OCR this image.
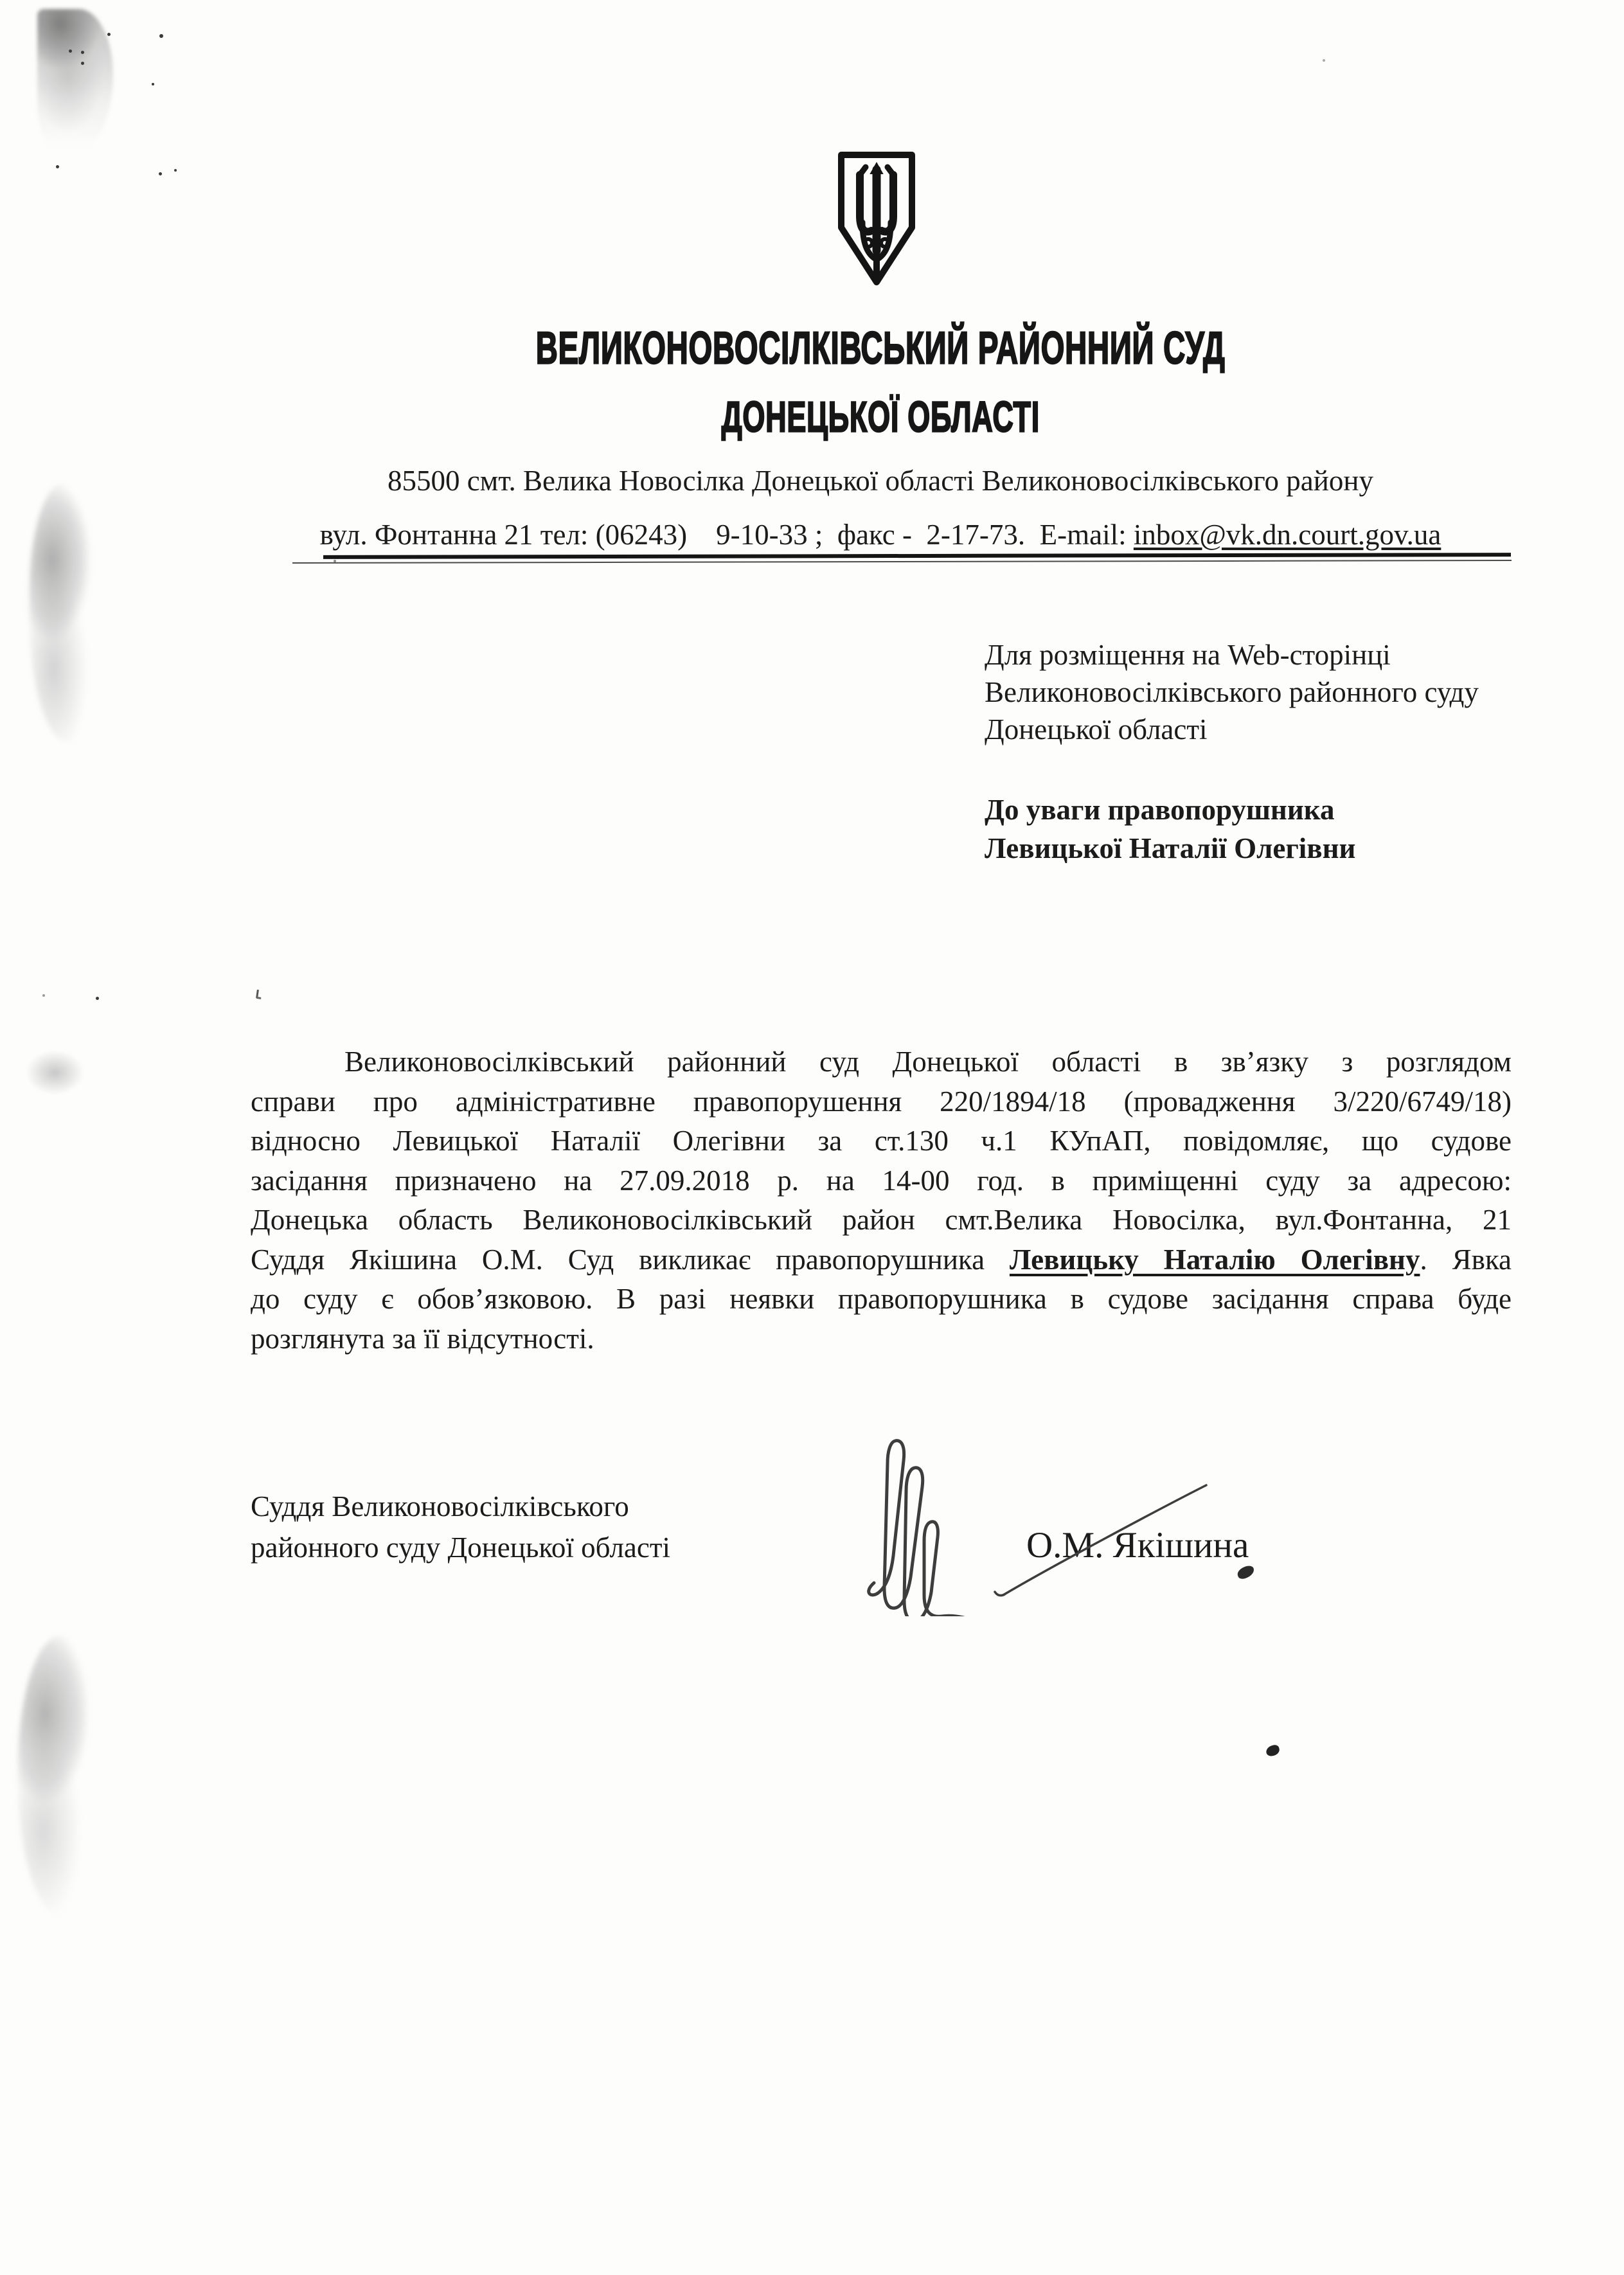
ВЕЛИКОНОВОСІЛКІВСЬКИЙ РАЙОННИЙ СУД
ДОНЕЦЬКОЇ ОБЛАСТІ
85500 смт. Велика Новосілка Донецької області Великоновосілківського району
вул. Фонтанна 21 тел: (06243)    9-10-33 ;  факс -  2-17-73.  E-mail: inbox@vk.dn.court.gov.ua
Для розміщення на Web-сторінці
Великоновосілківського районного суду
Донецької області
До уваги правопорушника
Левицької Наталії Олегівни
Великоновосілківський районний суд Донецької області в зв’язку з розглядом
справи про адміністративне правопорушення 220/1894/18 (провадження 3/220/6749/18)
відносно Левицької Наталії Олегівни за ст.130 ч.1 КУпАП, повідомляє, що судове
засідання призначено на 27.09.2018 р. на 14-00 год. в приміщенні суду за адресою:
Донецька область Великоновосілківський район смт.Велика Новосілка, вул.Фонтанна, 21
Суддя Якішина О.М. Суд викликає правопорушника Левицьку Наталію Олегівну. Явка
до суду є обов’язковою. В разі неявки правопорушника в судове засідання справа буде
розглянута за її відсутності.
Суддя Великоновосілківського
районного суду Донецької області	О.М. Якішина
